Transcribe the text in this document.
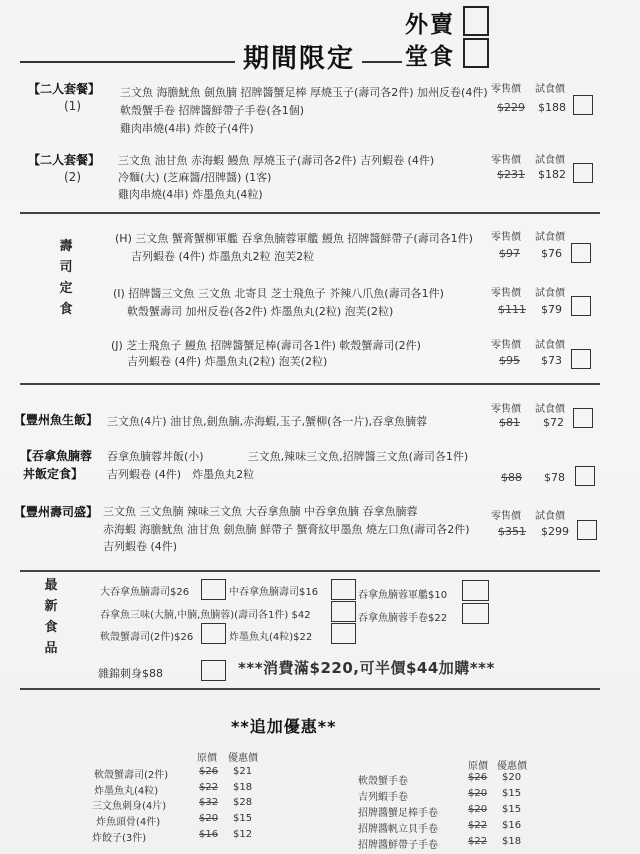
期間限定
外賣
堂食
【二人套餐】
(1)
三文魚 海膽魷魚 劍魚腩 招牌醬蟹足棒 厚燒玉子(壽司各2件) 加州反卷(4件)
軟殼蟹手卷 招牌醬鮮帶子手卷(各1個)
雞肉串燒(4串) 炸餃子(4件)
零售價 試食價
$229 $188
【二人套餐】
(2)
三文魚 油甘魚 赤海蝦 鰻魚 厚燒玉子(壽司各2件) 吉列蝦卷 (4件)
冷麵(大) (芝麻醬/招牌醬) (1客)
雞肉串燒(4串) 炸墨魚丸(4粒)
零售價 試食價
$231 $182
壽司定食
(H) 三文魚 蟹膏蟹柳軍艦 吞拿魚腩蓉軍艦 鰻魚 招牌醬鮮帶子(壽司各1件)
吉列蝦卷 (4件) 炸墨魚丸2粒 泡芙2粒
零售價 試食價
$97 $76
(I) 招牌醬三文魚 三文魚 北寄貝 芝士飛魚子 芥辣八爪魚(壽司各1件)
軟殼蟹壽司 加州反卷(各2件) 炸墨魚丸(2粒) 泡芙(2粒)
零售價 試食價
$111 $79
(J) 芝士飛魚子 鰻魚 招牌醬蟹足棒(壽司各1件) 軟殼蟹壽司(2件)
吉列蝦卷 (4件) 炸墨魚丸(2粒) 泡芙(2粒)
零售價 試食價
$95 $73
【豐州魚生飯】 三文魚(4片) 油甘魚,劍魚腩,赤海蝦,玉子,蟹柳(各一片),吞拿魚腩蓉
零售價 試食價
$81 $72
【吞拿魚腩蓉
丼飯定食】
吞拿魚腩蓉丼飯(小)　　　　三文魚,辣味三文魚,招牌醬三文魚(壽司各1件)
吉列蝦卷 (4件)　炸墨魚丸2粒	$88 $78
【豐州壽司盛】 三文魚 三文魚腩 辣味三文魚 大吞拿魚腩 中吞拿魚腩 吞拿魚腩蓉
赤海蝦 海膽魷魚 油甘魚 劍魚腩 鮮帶子 蟹膏紋甲墨魚 燒左口魚(壽司各2件)
吉列蝦卷 (4件)
零售價 試食價
$351 $299
最新食品
大吞拿魚腩壽司$26	中吞拿魚腩壽司$16	吞拿魚腩蓉軍艦$10
吞拿魚三味(大腩,中腩,魚腩蓉)(壽司各1件) $42	吞拿魚腩蓉手卷$22
軟殼蟹壽司(2件)$26	炸墨魚丸(4粒)$22
雜錦刺身$88	***消費滿$220,可半價$44加購***
**追加優惠**
原價 優惠價
軟殼蟹壽司(2件)	$26 $21
炸墨魚丸(4粒)	$22 $18
三文魚刺身(4片)	$32 $28
炸魚頭骨(4件)	$20 $15
炸餃子(3件)	$16 $12
原價 優惠價
軟殼蟹手卷	$26 $20
吉列蝦手卷	$20 $15
招牌醬蟹足棒手卷	$20 $15
招牌醬帆立貝手卷	$22 $16
招牌醬鮮帶子手卷	$22 $18
